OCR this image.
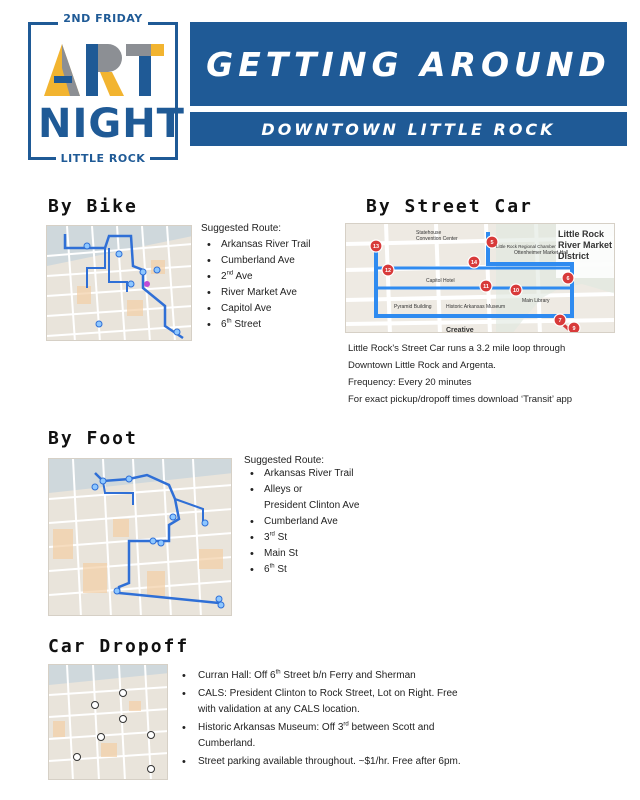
2ND FRIDAY
NIGHT
LITTLE ROCK
GETTING AROUND
DOWNTOWN LITTLE ROCK
By Bike
Suggested Route:
• Arkansas River Trail
• Cumberland Ave
• 2nd Ave
• River Market Ave
• Capitol Ave
• 6th Street
By Street Car
13
12
14
5
11
6
10
7
9
Little Rock
River Market
District
Statehouse
Convention Center
Capitol Hotel
Pyramid Building	Historic Arkansas Museum
Main Library
Creative
Ottenheimer Market Hall
Little Rock Regional Chamber
Little Rock's Street Car runs a 3.2 mile loop through
Downtown Little Rock and Argenta.
Frequency: Every 20 minutes
For exact pickup/dropoff times download ‘Transit’ app
By Foot
Suggested Route:
• Arkansas River Trail
• Alleys or
President Clinton Ave
• Cumberland Ave
• 3rd St
• Main St
• 6th St
Car Dropoff
• Curran Hall: Off 6th Street b/n Ferry and Sherman
• CALS: President Clinton to Rock Street, Lot on Right. Free
with validation at any CALS location.
• Historic Arkansas Museum: Off 3rd between Scott and
Cumberland.
• Street parking available throughout. ~$1/hr. Free after 6pm.
